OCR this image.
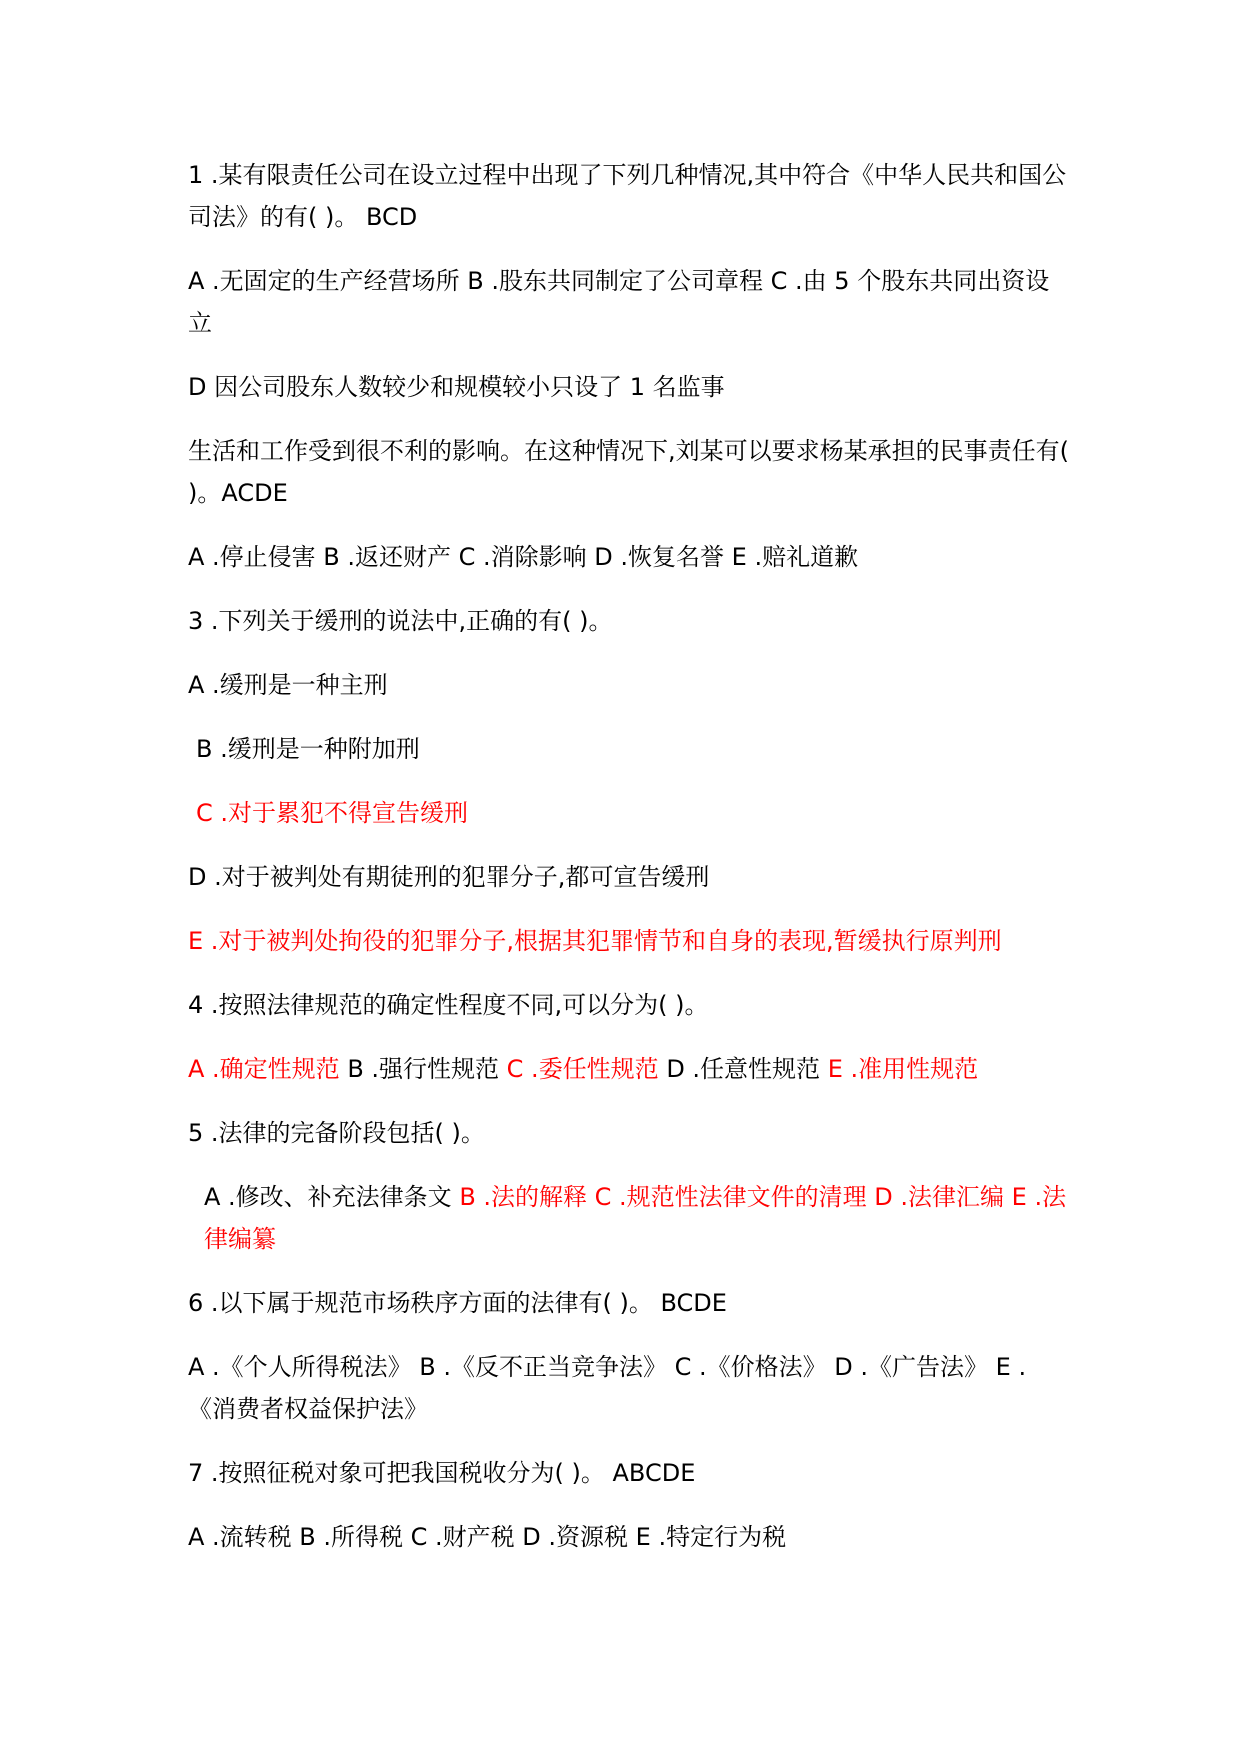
1 .某有限责任公司在设立过程中出现了下列几种情况,其中符合《中华人民共和国公司法》的有( )。 BCD
A .无固定的生产经营场所 B .股东共同制定了公司章程 C .由 5 个股东共同出资设立
D 因公司股东人数较少和规模较小只设了 1 名监事
生活和工作受到很不利的影响。在这种情况下,刘某可以要求杨某承担的民事责任有( )。ACDE
A .停止侵害 B .返还财产 C .消除影响 D .恢复名誉 E .赔礼道歉
3 .下列关于缓刑的说法中,正确的有( )。
A .缓刑是一种主刑
B .缓刑是一种附加刑
C .对于累犯不得宣告缓刑
D .对于被判处有期徒刑的犯罪分子,都可宣告缓刑
E .对于被判处拘役的犯罪分子,根据其犯罪情节和自身的表现,暂缓执行原判刑
4 .按照法律规范的确定性程度不同,可以分为( )。
A .确定性规范 B .强行性规范 C .委任性规范 D .任意性规范 E .准用性规范
5 .法律的完备阶段包括( )。
A .修改、补充法律条文 B .法的解释 C .规范性法律文件的清理 D .法律汇编 E .法律编纂
6 .以下属于规范市场秩序方面的法律有( )。 BCDE
A .《个人所得税法》 B .《反不正当竞争法》 C .《价格法》 D .《广告法》 E .《消费者权益保护法》
7 .按照征税对象可把我国税收分为( )。 ABCDE
A .流转税 B .所得税 C .财产税 D .资源税 E .特定行为税
